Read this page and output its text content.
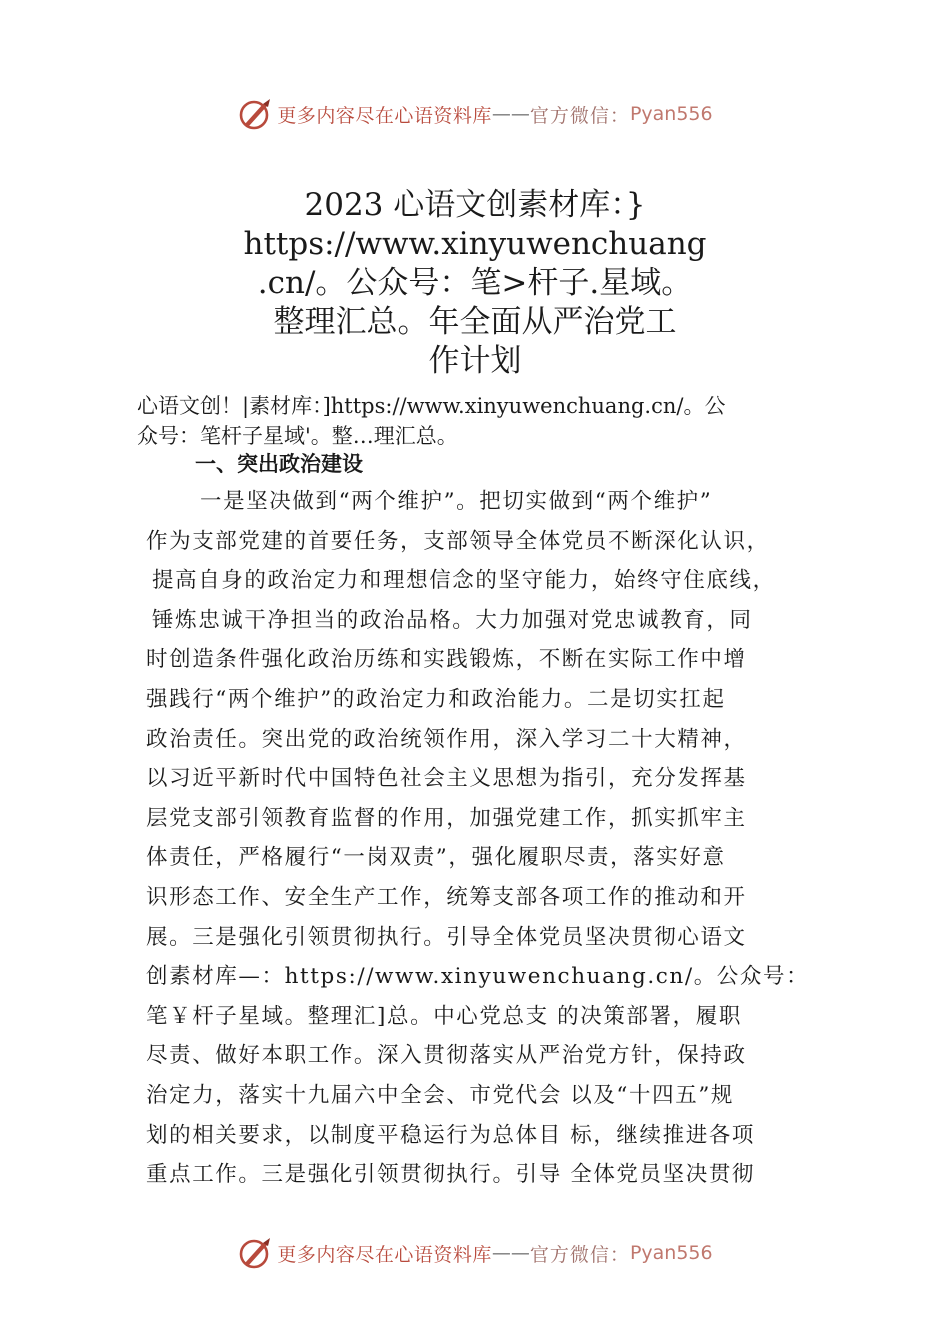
更多内容尽在心语资料库 —— 官方微信： Pyan556
2023 心语文创素材库：}
https://www.xinyuwenchuang
.cn/。公众号：笔>杆子.星域。
整理汇总。年全面从严治党工
作计划
心语文创！|素材库：]https://www.xinyuwenchuang.cn/。公
众号：笔杆子星域'。整…理汇总。
一、突出政治建设
一是坚决做到“两个维护”。把切实做到“两个维护”
作为支部党建的首要任务，支部领导全体党员不断深化认识，
提高自身的政治定力和理想信念的坚守能力，始终守住底线，
锤炼忠诚干净担当的政治品格。大力加强对党忠诚教育，同
时创造条件强化政治历练和实践锻炼，不断在实际工作中增
强践行“两个维护”的政治定力和政治能力。二是切实扛起
政治责任。突出党的政治统领作用，深入学习二十大精神，
以习近平新时代中国特色社会主义思想为指引，充分发挥基
层党支部引领教育监督的作用，加强党建工作，抓实抓牢主
体责任，严格履行“一岗双责”，强化履职尽责，落实好意
识形态工作、安全生产工作，统筹支部各项工作的推动和开
展。三是强化引领贯彻执行。引导全体党员坚决贯彻心语文
创素材库—：https://www.xinyuwenchuang.cn/。公众号：
笔￥杆子星域。整理汇]总。中心党总支 的决策部署，履职
尽责、做好本职工作。深入贯彻落实从严治党方针，保持政
治定力，落实十九届六中全会、市党代会 以及“十四五”规
划的相关要求，以制度平稳运行为总体目 标，继续推进各项
重点工作。三是强化引领贯彻执行。引导 全体党员坚决贯彻
更多内容尽在心语资料库 —— 官方微信： Pyan556
